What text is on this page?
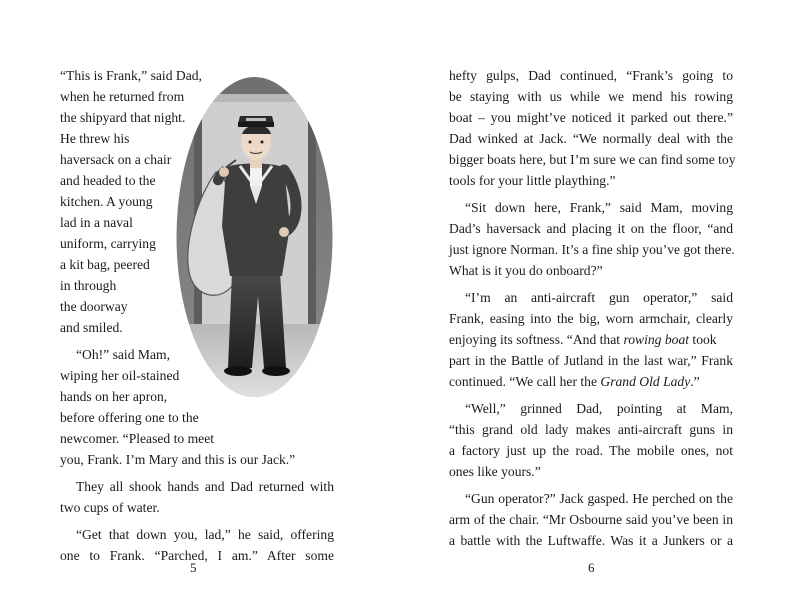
“This is Frank,” said Dad,
when he returned from
the shipyard that night.
He threw his
haversack on a chair
and headed to the
kitchen. A young
lad in a naval
uniform, carrying
a kit bag, peered
in through
the doorway
and smiled.
“Oh!” said Mam,
wiping her oil-stained
hands on her apron,
before offering one to the
newcomer. “Pleased to meet
you, Frank. I’m Mary and this is our Jack.”
They all shook hands and Dad returned with
two cups of water.
“Get that down you, lad,” he said, offering
one to Frank. “Parched, I am.” After some
5
hefty gulps, Dad continued, “Frank’s going to
be staying with us while we mend his rowing
boat – you might’ve noticed it parked out there.”
Dad winked at Jack. “We normally deal with the
bigger boats here, but I’m sure we can find some toy
tools for your little plaything.”
“Sit down here, Frank,” said Mam, moving
Dad’s haversack and placing it on the floor, “and
just ignore Norman. It’s a fine ship you’ve got there.
What is it you do onboard?”
“I’m an anti-aircraft gun operator,” said
Frank, easing into the big, worn armchair, clearly
enjoying its softness. “And that rowing boat took
part in the Battle of Jutland in the last war,” Frank
continued. “We call her the Grand Old Lady.”
“Well,” grinned Dad, pointing at Mam,
“this grand old lady makes anti-aircraft guns in
a factory just up the road. The mobile ones, not
ones like yours.”
“Gun operator?” Jack gasped. He perched on the
arm of the chair. “Mr Osbourne said you’ve been in
a battle with the Luftwaffe. Was it a Junkers or a
6
